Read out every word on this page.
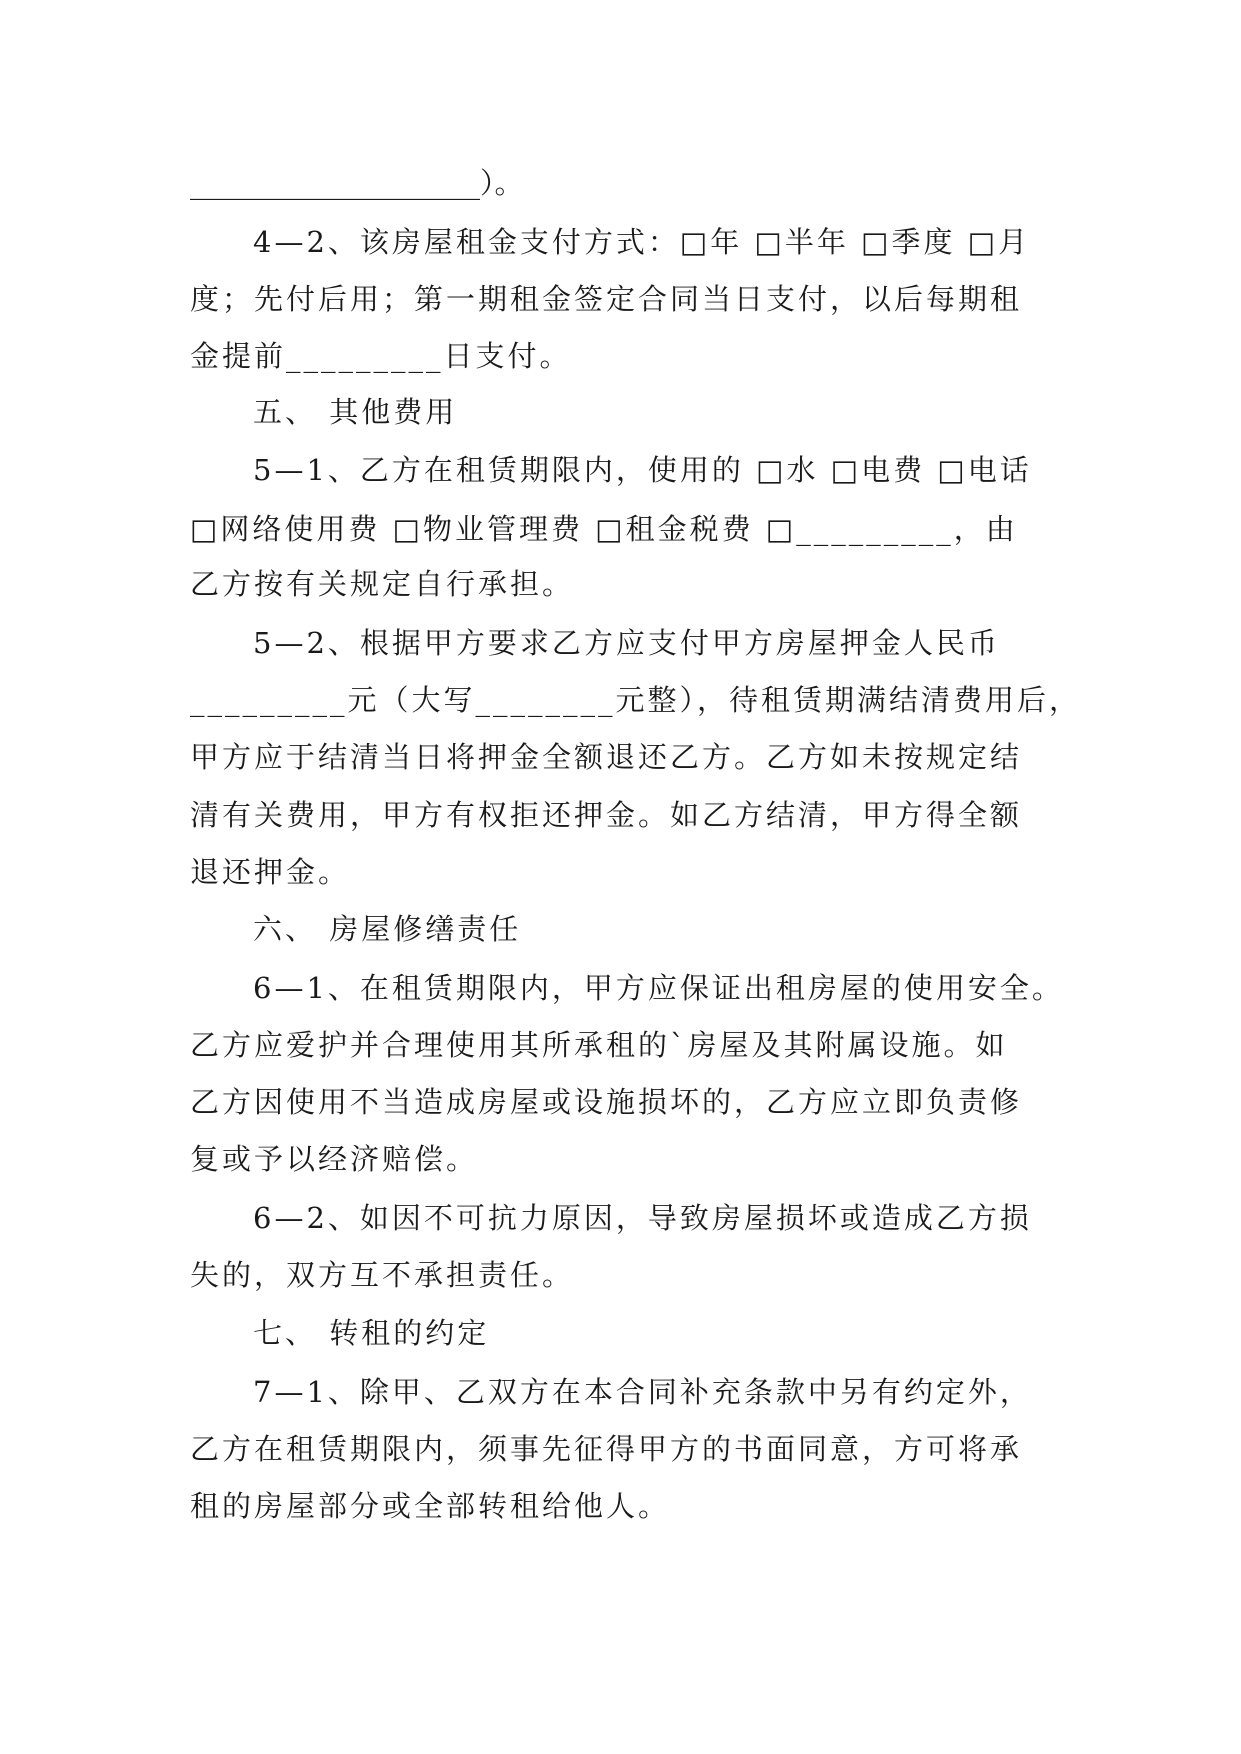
____________________）。
4—2、该房屋租金支付方式：□年 □半年 □季度 □月
度；先付后用；第一期租金签定合同当日支付，以后每期租
金提前_________日支付。
五、 其他费用
5—1、乙方在租赁期限内，使用的 □水 □电费 □电话
□网络使用费 □物业管理费 □租金税费 □_________，由
乙方按有关规定自行承担。
5—2、根据甲方要求乙方应支付甲方房屋押金人民币
_________元（大写________元整），待租赁期满结清费用后，
甲方应于结清当日将押金全额退还乙方。乙方如未按规定结
清有关费用，甲方有权拒还押金。如乙方结清，甲方得全额
退还押金。
六、 房屋修缮责任
6—1、在租赁期限内，甲方应保证出租房屋的使用安全。
乙方应爱护并合理使用其所承租的`房屋及其附属设施。如
乙方因使用不当造成房屋或设施损坏的，乙方应立即负责修
复或予以经济赔偿。
6—2、如因不可抗力原因，导致房屋损坏或造成乙方损
失的，双方互不承担责任。
七、 转租的约定
7—1、除甲、乙双方在本合同补充条款中另有约定外，
乙方在租赁期限内，须事先征得甲方的书面同意，方可将承
租的房屋部分或全部转租给他人。
